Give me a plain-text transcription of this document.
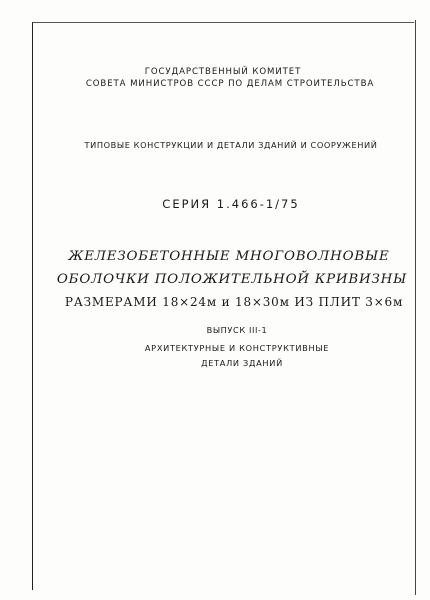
ГОСУДАРСТВЕННЫЙ КОМИТЕТ
СОВЕТА МИНИСТРОВ СССР ПО ДЕЛАМ СТРОИТЕЛЬСТВА
ТИПОВЫЕ КОНСТРУКЦИИ И ДЕТАЛИ ЗДАНИЙ И СООРУЖЕНИЙ
СЕРИЯ 1.466-1/75
ЖЕЛЕЗОБЕТОННЫЕ МНОГОВОЛНОВЫЕ
ОБОЛОЧКИ ПОЛОЖИТЕЛЬНОЙ КРИВИЗНЫ
РАЗМЕРАМИ 18×24м и 18×30м ИЗ ПЛИТ 3×6м
ВЫПУСК III-1
АРХИТЕКТУРНЫЕ И КОНСТРУКТИВНЫЕ
ДЕТАЛИ ЗДАНИЙ
